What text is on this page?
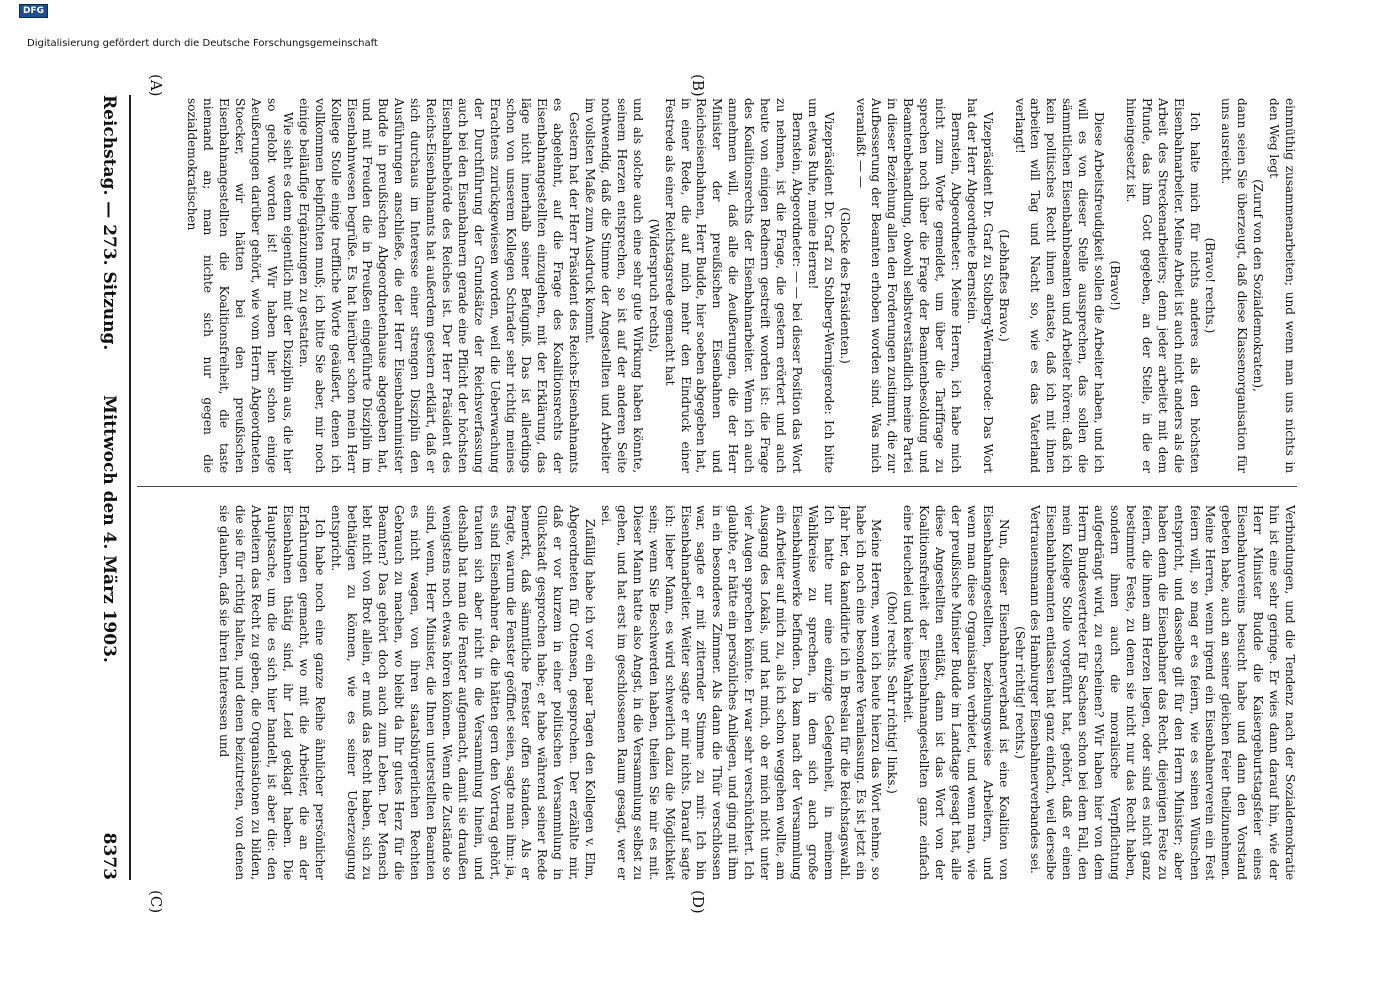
Reichstag. — 273. Sitzung.
Mittwoch den 4. März 1903.
8373

einmüthig zusammenarbeiten; und wenn man uns nichts in den Weg legt

(Zuruf von den Sozialdemokraten),

dann seien Sie überzeugt, daß diese Klassenorganisation für uns ausreicht.

(Bravo! rechts.)

Ich halte mich für nichts anderes als den höchsten Eisenbahnarbeiter. Meine Arbeit ist auch nicht anders als die Arbeit des Streckenarbeiters; denn jeder arbeitet mit dem Pfunde, das ihm Gott gegeben, an der Stelle, in die er hineingesetzt ist.

(Bravo!)

Diese Arbeitsfreudigkeit sollen die Arbeiter haben, und ich will es von dieser Stelle aussprechen, das sollen die sämmtlichen Eisenbahnbeamten und Arbeiter hören: daß ich kein politisches Recht ihnen antaste, daß ich mit ihnen arbeiten will Tag und Nacht so, wie es das Vaterland verlangt!

(Lebhaftes Bravo.)

Vizepräsident Dr. Graf zu Stolberg-Wernigerode: Das Wort hat der Herr Abgeordnete Bernstein.

Bernstein, Abgeordneter: Meine Herren, ich habe mich nicht zum Worte gemeldet, um über die Tariffrage zu sprechen noch über die Frage der Beamtenbesoldung und Beamtenbehandlung, obwohl selbstverständlich meine Partei in dieser Beziehung allen den Forderungen zustimmt, die zur Aufbesserung der Beamten erhoben worden sind. Was mich veranlaßt — —

(Glocke des Präsidenten.)

Vizepräsident Dr. Graf zu Stolberg-Wernigerode: Ich bitte um etwas Ruhe, meine Herren!

Bernstein, Abgeordneter: — — bei dieser Position das Wort zu nehmen, ist die Frage, die gestern erörtert und auch heute von einigen Rednern gestreift worden ist: die Frage des Koalitionsrechts der Eisenbahnarbeiter. Wenn ich auch annehmen will, daß alle die Aeußerungen, die der Herr Minister der preußischen Eisenbahnen und Reichseisenbahnen, Herr Budde, hier soeben abgegeben hat, in einer Rede, die auf mich mehr den Eindruck einer Festrede als einer Reichstagsrede gemacht hat

(Widerspruch rechts),

und als solche auch eine sehr gute Wirkung haben könnte, seinem Herzen entsprechen, so ist auf der anderen Seite nothwendig, daß die Stimme der Angestellten und Arbeiter im vollsten Maße zum Ausdruck kommt.

Gestern hat der Herr Präsident des Reichs-Eisenbahnamts es abgelehnt, auf die Frage des Koalitionsrechts der Eisenbahnangestellten einzugehen, mit der Erklärung, das läge nicht innerhalb seiner Befugniß. Das ist allerdings schon von unserem Kollegen Schrader sehr richtig meines Erachtens zurückgewiesen worden, weil die Ueberwachung der Durchführung der Grundsätze der Reichsverfassung auch bei den Eisenbahnern gerade eine Pflicht der höchsten Eisenbahnbehörde des Reiches ist. Der Herr Präsident des Reichs-Eisenbahnamts hat außerdem gestern erklärt, daß er sich durchaus im Interesse einer strengen Disziplin den Ausführungen anschließe, die der Herr Eisenbahnminister Budde in preußischen Abgeordnetenhause abgegeben hat, und mit Freuden die in Preußen eingeführte Disziplin im Eisenbahnwesen begrüße. Es hat hierüber schon mein Herr Kollege Stolle einige treffliche Worte geäußert, denen ich vollkommen beipflichten muß; ich bitte Sie aber, mir noch einige beiläufige Ergänzungen zu gestatten.

Wie sieht es denn eigentlich mit der Disziplin aus, die hier so gelobt worden ist! Wir haben hier schon einige Aeußerungen darüber gehört, wie vom Herrn Abgeordneten Stoecker, wir hätten bei den preußischen Eisenbahnangestellten die Koalitionsfreiheit, die taste niemand an; man nichte sich nur gegen die sozialdemokratischen

Verbindungen, und die Tendenz nach der Sozialdemokratie hin ist eine sehr geringe. Er wies dann darauf hin, wie der Herr Minister Budde die Kaisergeburtstagsfeier eines Eisenbahnvereins besucht habe und dann den Vorstand gebeten habe, auch an seiner gleichen Feier theilzunehmen. Meine Herren, wenn irgend ein Eisenbahnerverein ein Fest feiern will, so mag er es feiern, wie es seinen Wünschen entspricht, und dasselbe gilt für den Herrn Minister; aber haben denn die Eisenbahner das Recht, diejenigen Feste zu feiern, die ihnen am Herzen liegen, oder sind es nicht ganz bestimmte Feste, zu denen sie nicht nur das Recht haben, sondern ihnen auch die moralische Verpflichtung aufgedrängt wird, zu erscheinen? Wir haben hier von dem Herrn Bundesvertreter für Sachsen schon bei dem Fall, den mein Kollege Stolle vorgeführt hat, gehört, daß er einen Eisenbahnbeamten entlassen hat ganz einfach, weil derselbe Vertrauensmann des Hamburger Eisenbahnerverbandes sei.

(Sehr richtig! rechts.)

Nun, dieser Eisenbahnerverband ist eine Koalition von Eisenbahnangestellten, beziehungsweise Arbeitern, und wenn man diese Organisation verbietet, und wenn man, wie der preußische Minister Budde im Landtage gesagt hat, alle diese Angestellten entläßt, dann ist das Wort von der Koalitionsfreiheit der Eisenbahnangestellten ganz einfach eine Heuchelei und keine Wahrheit.

(Oho! rechts. Sehr richtig! links.)

Meine Herren, wenn ich heute hierzu das Wort nehme, so habe ich noch eine besondere Veranlassung. Es ist jetzt ein Jahr her, da kandidirte ich in Breslau für die Reichstagswahl. Ich hatte nur eine einzige Gelegenheit, in meinem Wahlkreise zu sprechen, in dem sich auch große Eisenbahnwerke befinden. Da kam nach der Versammlung ein Arbeiter auf mich zu, als ich schon weggehen wollte, am Ausgang des Lokals, und hat mich, ob er mich nicht unter vier Augen sprechen könnte. Er war sehr verschüchtert. Ich glaubte, er hätte ein persönliches Anliegen, und ging mit ihm in ein besonderes Zimmer. Als dann die Thür verschlossen war, sagte er mit zitternder Stimme zu mir: Ich bin Eisenbahnarbeiter. Weiter sagte er mir nichts. Darauf sagte ich: lieber Mann, es wird schwerlich dazu die Möglichkeit sein; wenn Sie Beschwerden haben, theilen Sie mir es mit. Dieser Mann hatte also Angst, in die Versammlung selbst zu gehen, und hat erst im geschlossenen Raum gesagt, wer er sei.

Zufällig habe ich vor ein paar Tagen den Kollegen v. Elm, Abgeordneten für Ottensen, gesprochen. Der erzählte mir, daß er vor kurzem in einer politischen Versammlung in Glückstadt gesprochen habe; er habe während seiner Rede bemerkt, daß sämmtliche Fenster offen standen. Als er fragte, warum die Fenster geöffnet seien, sagte man ihm: ja, es sind Eisenbahner da, die hätten gern den Vortrag gehört, trauten sich aber nicht in die Versammlung hinein, und deshalb hat man die Fenster aufgemacht, damit sie draußen wenigstens noch etwas hören können. Wenn die Zustände so sind, wenn, Herr Minister, die Ihnen unterstellten Beamten es nicht wagen, von ihren staatsbürgerlichen Rechten Gebrauch zu machen, wo bleibt da Ihr gutes Herz für die Beamten? Das gehört doch auch zum Leben. Der Mensch lebt nicht von Brot allein, er muß das Recht haben, sich zu bethätigen zu können, wie es seiner Ueberzeugung entspricht.

Ich habe noch eine ganze Reihe ähnlicher persönlicher Erfahrungen gemacht, wo mit die Arbeiter, die an der Eisenbahnen thätig sind, ihr Leid geklagt haben. Die Hauptsache, um die es sich hier handelt, ist aber die: den Arbeitern das Recht zu geben, die Organisationen zu bilden, die sie für richtig halten, und denen beizutreten, von denen sie glauben, daß sie ihren Interessen und

(A)	(B)
(C)	(D)
Digitalisierung gefördert durch die Deutsche Forschungsgemeinschaft
DFG
